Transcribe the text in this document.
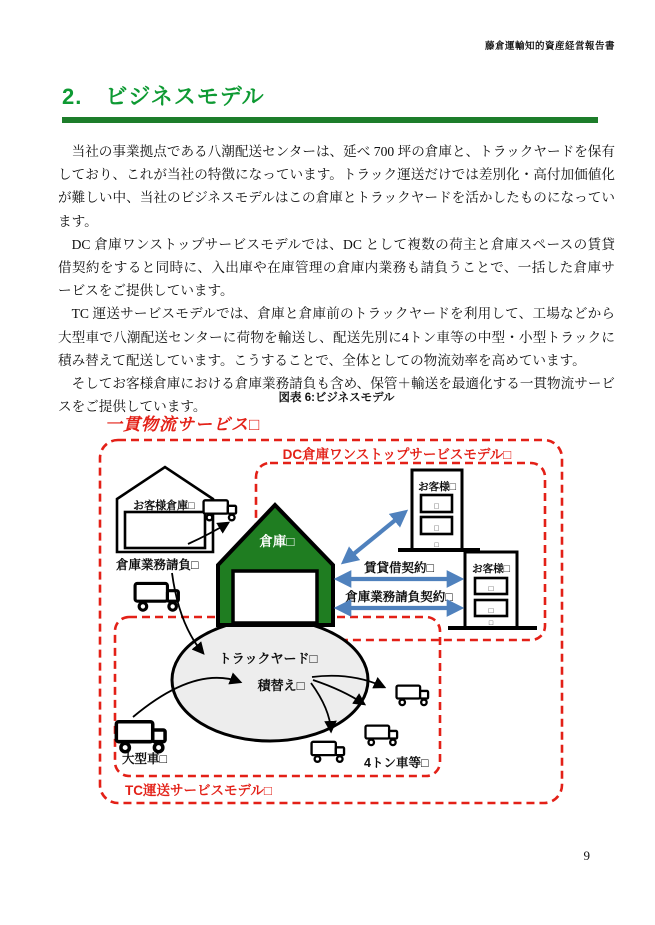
藤倉運輸知的資産経営報告書
2.　ビジネスモデル

当社の事業拠点である八潮配送センターは、延べ 700 坪の倉庫と、トラックヤードを保有しており、これが当社の特徴になっています。トラック運送だけでは差別化・高付加価値化が難しい中、当社のビジネスモデルはこの倉庫とトラックヤードを活かしたものになっています。

DC 倉庫ワンストップサービスモデルでは、DC として複数の荷主と倉庫スペースの賃貸借契約をすると同時に、入出庫や在庫管理の倉庫内業務も請負うことで、一括した倉庫サービスをご提供しています。

TC 運送サービスモデルでは、倉庫と倉庫前のトラックヤードを利用して、工場などから大型車で八潮配送センターに荷物を輸送し、配送先別に4トン車等の中型・小型トラックに積み替えて配送しています。こうすることで、全体としての物流効率を高めています。

そしてお客様倉庫における倉庫業務請負も含め、保管＋輸送を最適化する一貫物流サービスをご提供しています。

図表 6:ビジネスモデル
一貫物流サービス□
DC倉庫ワンストップサービスモデル□
TC運送サービスモデル□
トラックヤード□
積替え□
お客様倉庫□
倉庫業務請負□
倉庫□
お客様□
□
□
□
お客様□
□
□
□
賃貸借契約□
倉庫業務請負契約□
4トン車等□
大型車□
9
